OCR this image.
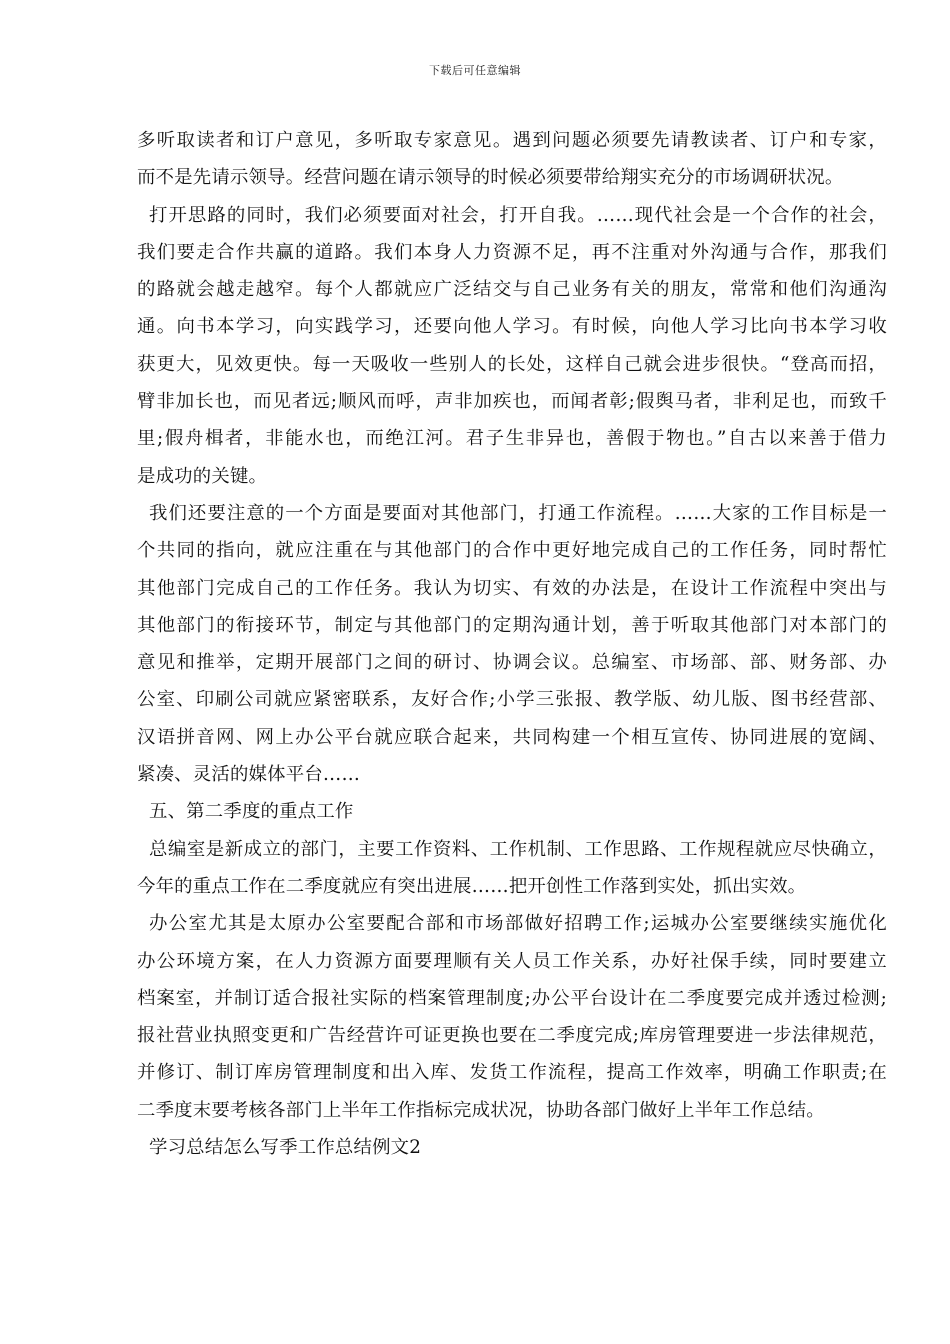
下载后可任意编辑
多听取读者和订户意见，多听取专家意见。遇到问题必须要先请教读者、订户和专家，
而不是先请示领导。经营问题在请示领导的时候必须要带给翔实充分的市场调研状况。
打开思路的同时，我们必须要面对社会，打开自我。……现代社会是一个合作的社会，
我们要走合作共赢的道路。我们本身人力资源不足，再不注重对外沟通与合作，那我们
的路就会越走越窄。每个人都就应广泛结交与自己业务有关的朋友，常常和他们沟通沟
通。向书本学习，向实践学习，还要向他人学习。有时候，向他人学习比向书本学习收
获更大，见效更快。每一天吸收一些别人的长处，这样自己就会进步很快。“登高而招，
臂非加长也，而见者远;顺风而呼，声非加疾也，而闻者彰;假舆马者，非利足也，而致千
里;假舟楫者，非能水也，而绝江河。君子生非异也，善假于物也。”自古以来善于借力
是成功的关键。
我们还要注意的一个方面是要面对其他部门，打通工作流程。……大家的工作目标是一
个共同的指向，就应注重在与其他部门的合作中更好地完成自己的工作任务，同时帮忙
其他部门完成自己的工作任务。我认为切实、有效的办法是，在设计工作流程中突出与
其他部门的衔接环节，制定与其他部门的定期沟通计划，善于听取其他部门对本部门的
意见和推举，定期开展部门之间的研讨、协调会议。总编室、市场部、部、财务部、办
公室、印刷公司就应紧密联系，友好合作;小学三张报、教学版、幼儿版、图书经营部、
汉语拼音网、网上办公平台就应联合起来，共同构建一个相互宣传、协同进展的宽阔、
紧凑、灵活的媒体平台……
五、第二季度的重点工作
总编室是新成立的部门，主要工作资料、工作机制、工作思路、工作规程就应尽快确立，
今年的重点工作在二季度就应有突出进展……把开创性工作落到实处，抓出实效。
办公室尤其是太原办公室要配合部和市场部做好招聘工作;运城办公室要继续实施优化
办公环境方案，在人力资源方面要理顺有关人员工作关系，办好社保手续，同时要建立
档案室，并制订适合报社实际的档案管理制度;办公平台设计在二季度要完成并透过检测;
报社营业执照变更和广告经营许可证更换也要在二季度完成;库房管理要进一步法律规范，
并修订、制订库房管理制度和出入库、发货工作流程，提高工作效率，明确工作职责;在
二季度末要考核各部门上半年工作指标完成状况，协助各部门做好上半年工作总结。
学习总结怎么写季工作总结例文2
